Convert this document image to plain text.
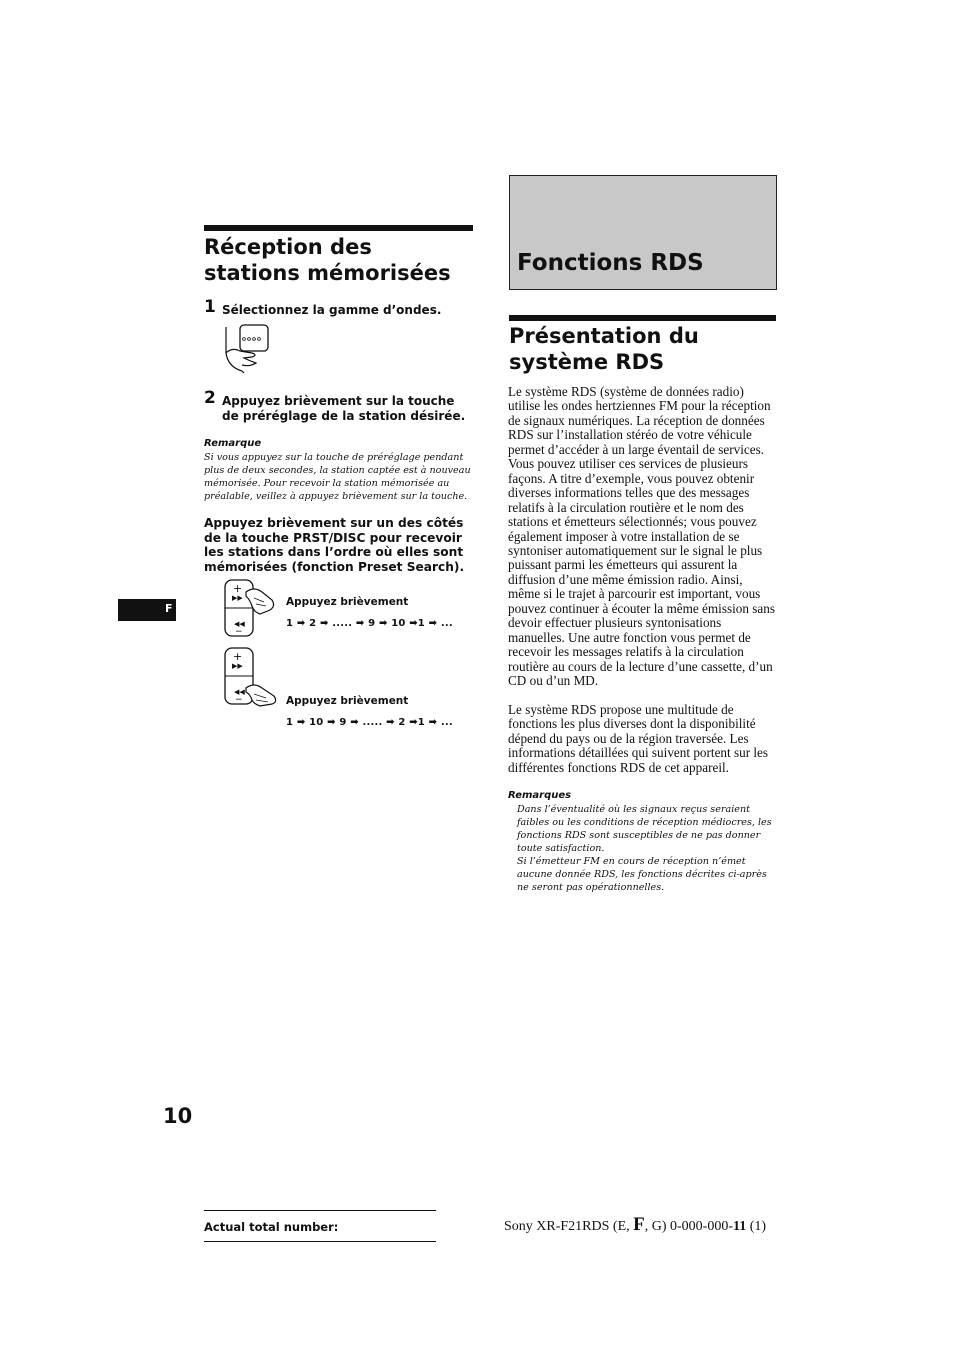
Réception des stations mémorisées
1 Sélectionnez la gamme d’ondes.
2 Appuyez brièvement sur la touche de préréglage de la station désirée.
Remarque
Si vous appuyez sur la touche de préréglage pendant plus de deux secondes, la station captée est à nouveau mémorisée. Pour recevoir la station mémorisée au préalable, veillez à appuyez brièvement sur la touche.
Appuyez brièvement sur un des côtés de la touche PRST/DISC pour recevoir les stations dans l’ordre où elles sont mémorisées (fonction Preset Search).
+
▶▶
◀◀
−
Appuyez brièvement
1 ➡ 2 ➡ ..... ➡ 9 ➡ 10 ➡1 ➡ ...
+
▶▶
◀◀
−	Appuyez brièvement
1 ➡ 10 ➡ 9 ➡ ..... ➡ 2 ➡1 ➡ ...
F
Fonctions RDS
Présentation du système RDS
Le système RDS (système de données radio) utilise les ondes hertziennes FM pour la réception de signaux numériques. La réception de données RDS sur l’installation stéréo de votre véhicule permet d’accéder à un large éventail de services. Vous pouvez utiliser ces services de plusieurs façons. A titre d’exemple, vous pouvez obtenir diverses informations telles que des messages relatifs à la circulation routière et le nom des stations et émetteurs sélectionnés; vous pouvez également imposer à votre installation de se syntoniser automatiquement sur le signal le plus puissant parmi les émetteurs qui assurent la diffusion d’une même émission radio. Ainsi, même si le trajet à parcourir est important, vous pouvez continuer à écouter la même émission sans devoir effectuer plusieurs syntonisations manuelles. Une autre fonction vous permet de recevoir les messages relatifs à la circulation routière au cours de la lecture d’une cassette, d’un CD ou d’un MD.
Le système RDS propose une multitude de fonctions les plus diverses dont la disponibilité dépend du pays ou de la région traversée. Les informations détaillées qui suivent portent sur les différentes fonctions RDS de cet appareil.
Remarques
Dans l’éventualité où les signaux reçus seraient faibles ou les conditions de réception médiocres, les fonctions RDS sont susceptibles de ne pas donner toute satisfaction.
Si l’émetteur FM en cours de réception n’émet aucune donnée RDS, les fonctions décrites ci-après ne seront pas opérationnelles.
10
Actual total number:	Sony XR-F21RDS (E, F, G) 0-000-000-11 (1)
